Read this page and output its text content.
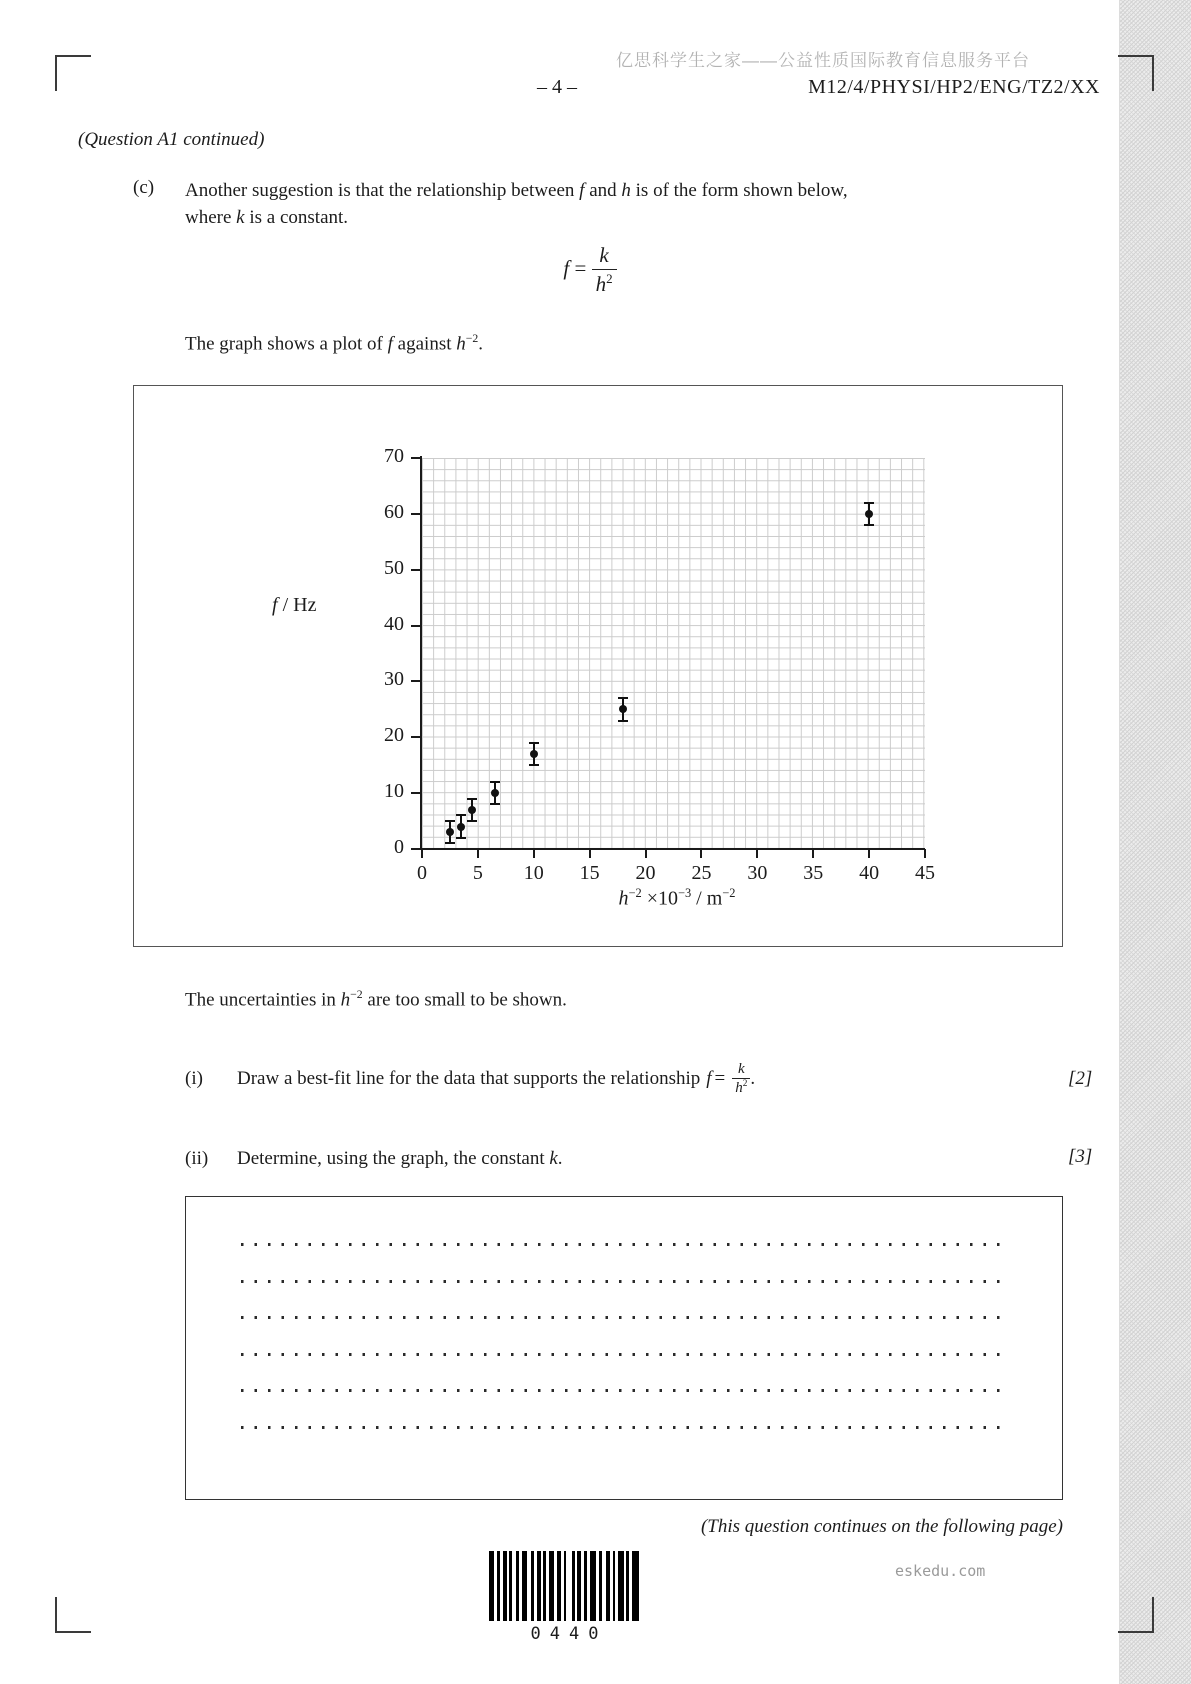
亿思科学生之家——公益性质国际教育信息服务平台
– 4 –	M12/4/PHYSI/HP2/ENG/TZ2/XX
(Question A1 continued)
(c) Another suggestion is that the relationship between f and h is of the form shown below,
where k is a constant.
$f = \frac{k}{h^2}$
The graph shows a plot of f against $h^{-2}$.
f / Hz
$h^{-2} \times 10^{-3} / m^{-2}$
0
10
20
30
40
50
60
70
0	5	10	15	20	25	30	35	40	45
The uncertainties in $h^{-2}$ are too small to be shown.
(i)	Draw a best-fit line for the data that supports the relationship $f = \frac{k}{h^2}$ .	[2]
(ii)	Determine, using the graph, the constant k.	[3]
(This question continues on the following page)
0440
eskedu.com
